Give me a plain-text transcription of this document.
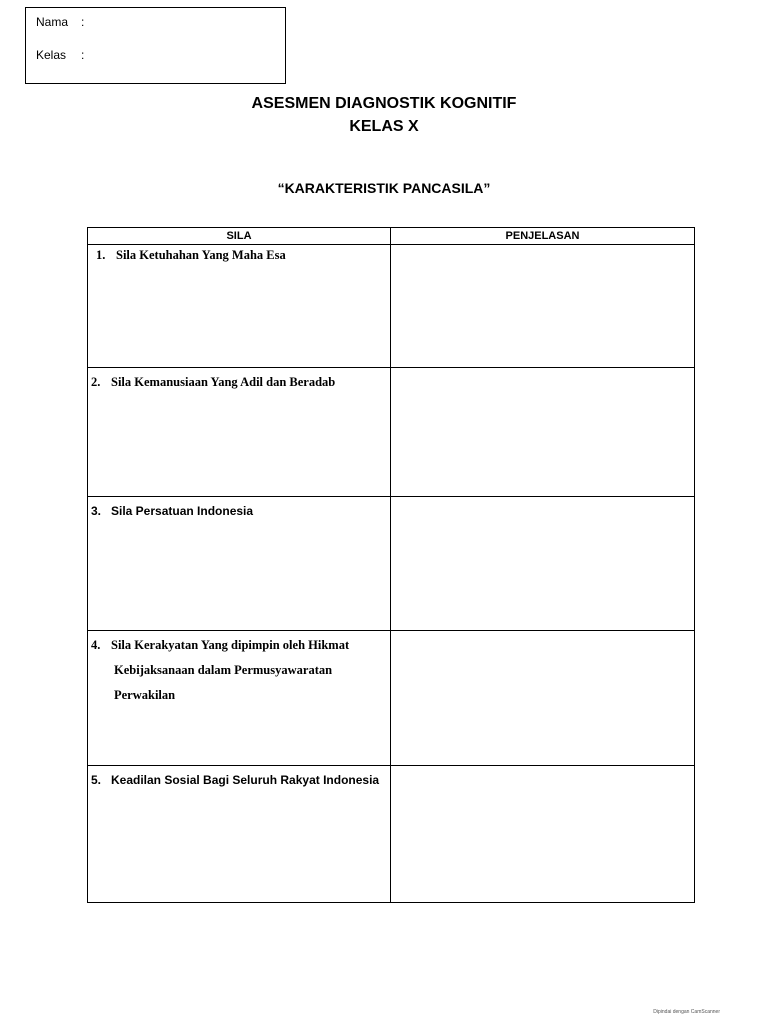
Nama :
Kelas :
ASESMEN DIAGNOSTIK KOGNITIF
KELAS X
“KARAKTERISTIK PANCASILA”
SILA	PENJELASAN

1. Sila Ketuhahan Yang Maha Esa	

2. Sila Kemanusiaan Yang Adil dan Beradab	

3. Sila Persatuan Indonesia	

4. Sila Kerakyatan Yang dipimpin oleh Hikmat
Kebijaksanaan dalam Permusyawaratan
Perwakilan	

5. Keadilan Sosial Bagi Seluruh Rakyat Indonesia	

Dipindai dengan CamScanner
